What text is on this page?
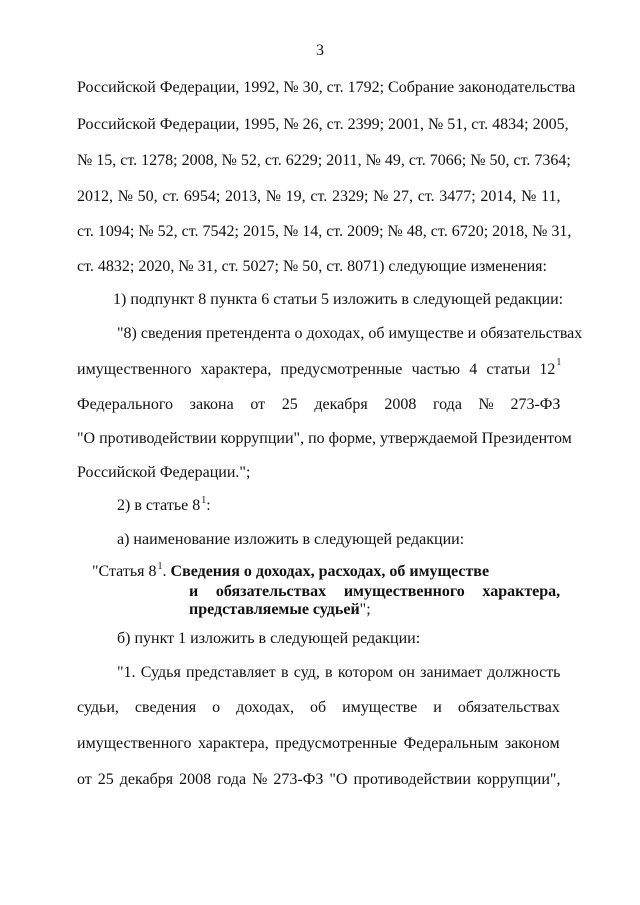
3
Российской Федерации, 1992, № 30, ст. 1792; Собрание законодательства
Российской Федерации, 1995, № 26, ст. 2399; 2001, № 51, ст. 4834; 2005,
№ 15, ст. 1278; 2008, № 52, ст. 6229; 2011, № 49, ст. 7066; № 50, ст. 7364;
2012, № 50, ст. 6954; 2013, № 19, ст. 2329; № 27, ст. 3477; 2014, № 11,
ст. 1094; № 52, ст. 7542; 2015, № 14, ст. 2009; № 48, ст. 6720; 2018, № 31,
ст. 4832; 2020, № 31, ст. 5027; № 50, ст. 8071) следующие изменения:
1) подпункт 8 пункта 6 статьи 5 изложить в следующей редакции:
"8) сведения претендента о доходах, об имуществе и обязательствах
имущественного характера, предусмотренные частью 4 статьи 12 1
Федерального закона от 25 декабря 2008 года № 273-ФЗ
"О противодействии коррупции", по форме, утверждаемой Президентом
Российской Федерации.";
2) в статье $8^1$:
а) наименование изложить в следующей редакции:
"Статья $8^1$. Сведения о доходах, расходах, об имуществе
и обязательствах имущественного характера,
представляемые судьей";
б) пункт 1 изложить в следующей редакции:
"1. Судья представляет в суд, в котором он занимает должность
судьи, сведения о доходах, об имуществе и обязательствах
имущественного характера, предусмотренные Федеральным законом
от 25 декабря 2008 года № 273-ФЗ "О противодействии коррупции",
